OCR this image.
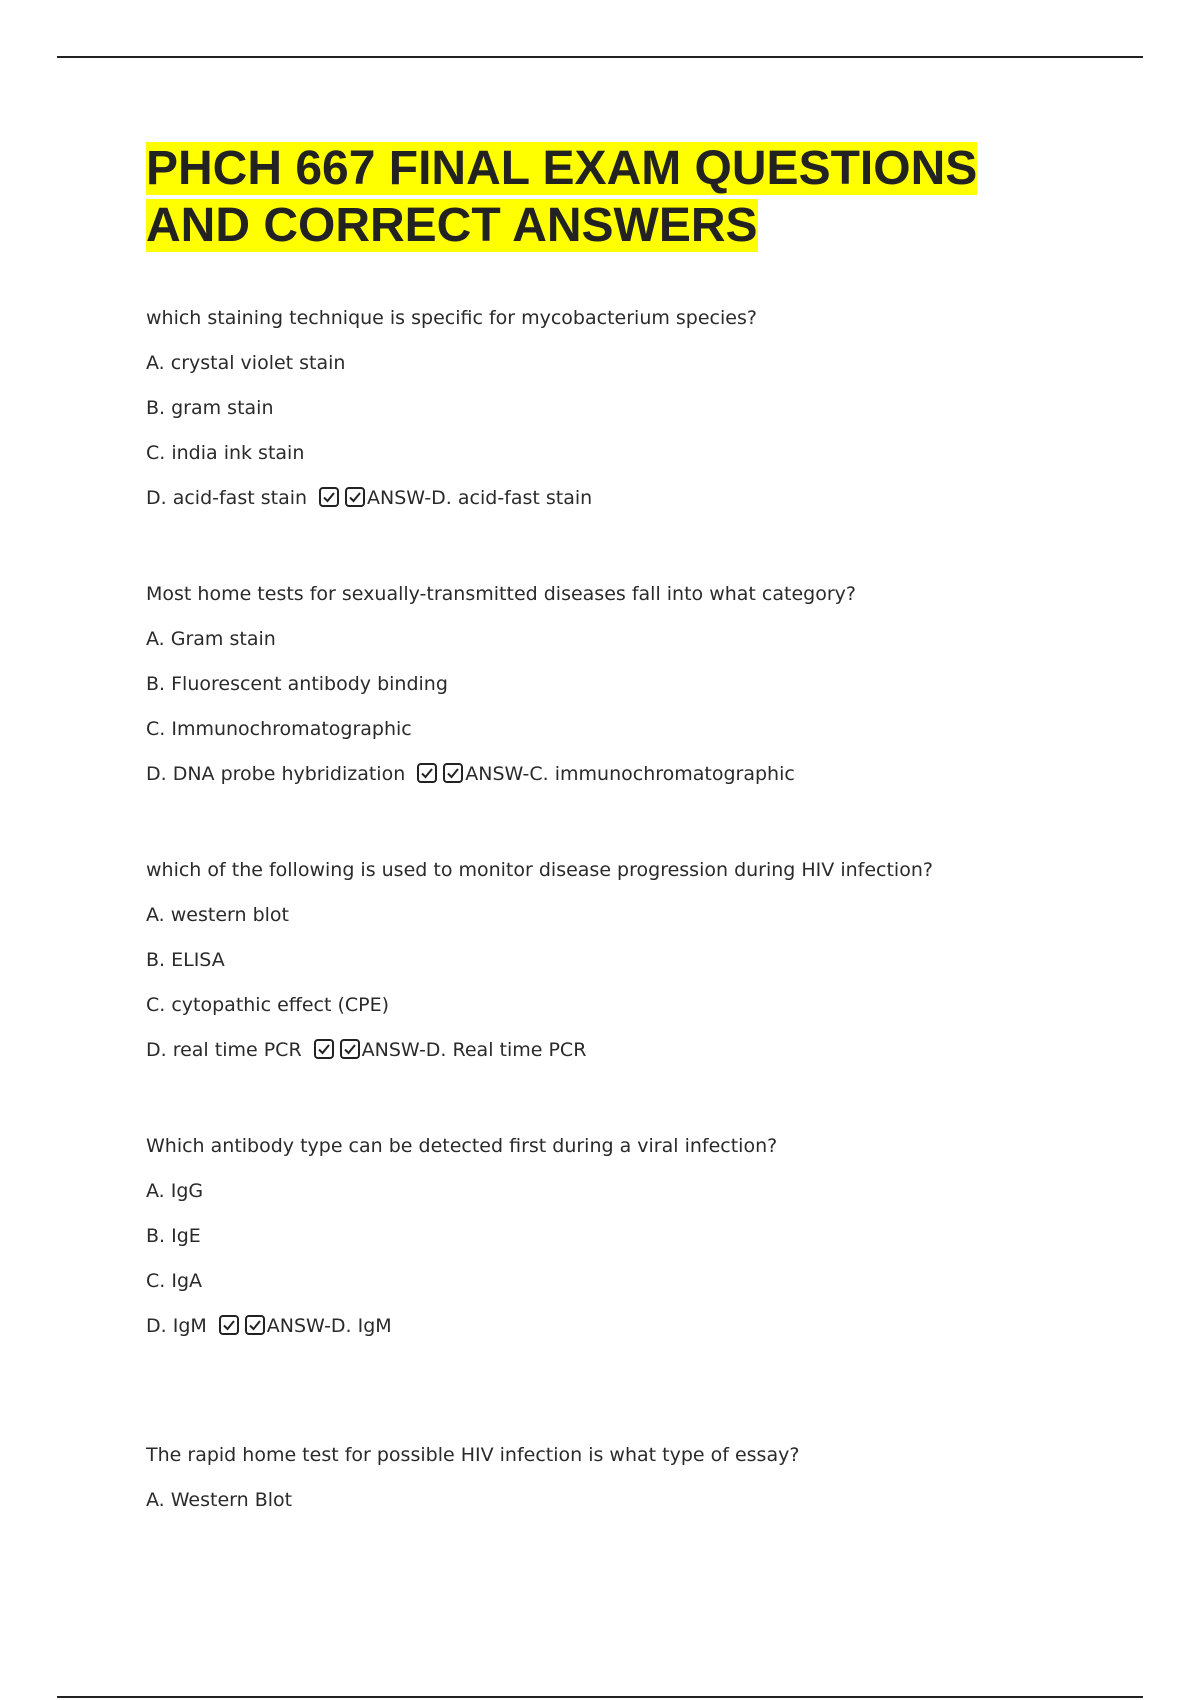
PHCH 667 FINAL EXAM QUESTIONS
AND CORRECT ANSWERS
which staining technique is specific for mycobacterium species?
A. crystal violet stain
B. gram stain
C. india ink stain
D. acid-fast stain	ANSW-D. acid-fast stain
Most home tests for sexually-transmitted diseases fall into what category?
A. Gram stain
B. Fluorescent antibody binding
C. Immunochromatographic
D. DNA probe hybridization	ANSW-C. immunochromatographic
which of the following is used to monitor disease progression during HIV infection?
A. western blot
B. ELISA
C. cytopathic effect (CPE)
D. real time PCR	ANSW-D. Real time PCR
Which antibody type can be detected first during a viral infection?
A. IgG
B. IgE
C. IgA
D. IgM	ANSW-D. IgM
The rapid home test for possible HIV infection is what type of essay?
A. Western Blot
